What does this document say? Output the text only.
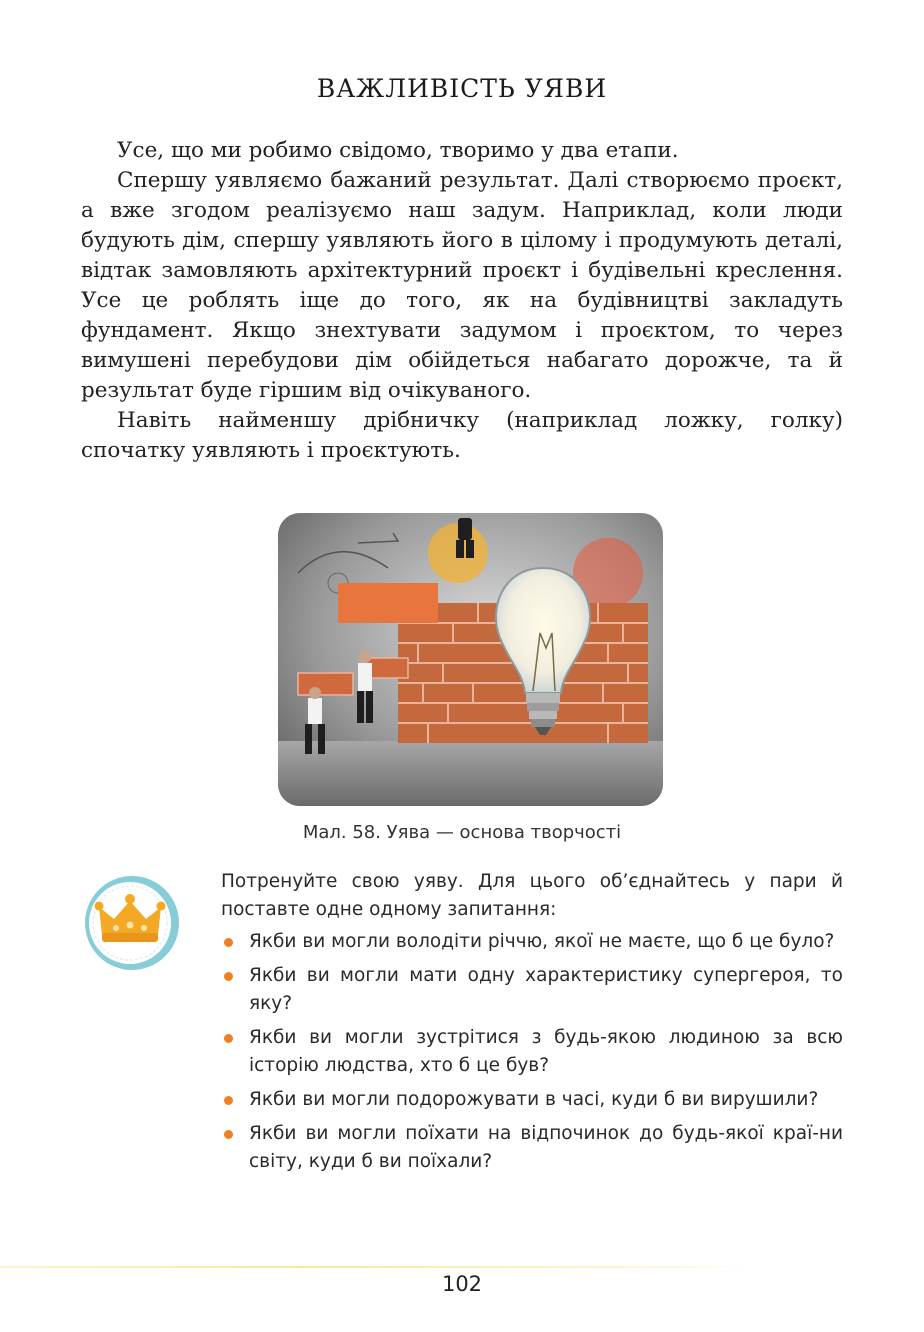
ВАЖЛИВІСТЬ УЯВИ

Усе, що ми робимо свідомо, творимо у два етапи.

Спершу уявляємо бажаний результат. Далі створюємо проєкт, а вже згодом реалізуємо наш задум. Наприклад, коли люди будують дім, спершу уявляють його в цілому і продумують деталі, відтак замовляють архітектурний проєкт і будівельні креслення. Усе це роблять іще до того, як на будівництві закладуть фундамент. Якщо знехтувати задумом і проєктом, то через вимушені перебудови дім обійдеться набагато дорожче, та й результат буде гіршим від очікуваного.

Навіть найменшу дрібничку (наприклад ложку, голку) спочатку уявляють і проєктують.

Мал. 58. Уява — основа творчості

Потренуйте свою уяву. Для цього об’єднайтесь у пари й поставте одне одному запитання:

Якби ви могли володіти річчю, якої не маєте, що б це було?
Якби ви могли мати одну характеристику супергероя, то яку?
Якби ви могли зустрітися з будь-якою людиною за всю історію людства, хто б це був?
Якби ви могли подорожувати в часі, куди б ви вирушили?
Якби ви могли поїхати на відпочинок до будь-якої краї-ни світу, куди б ви поїхали?
102
